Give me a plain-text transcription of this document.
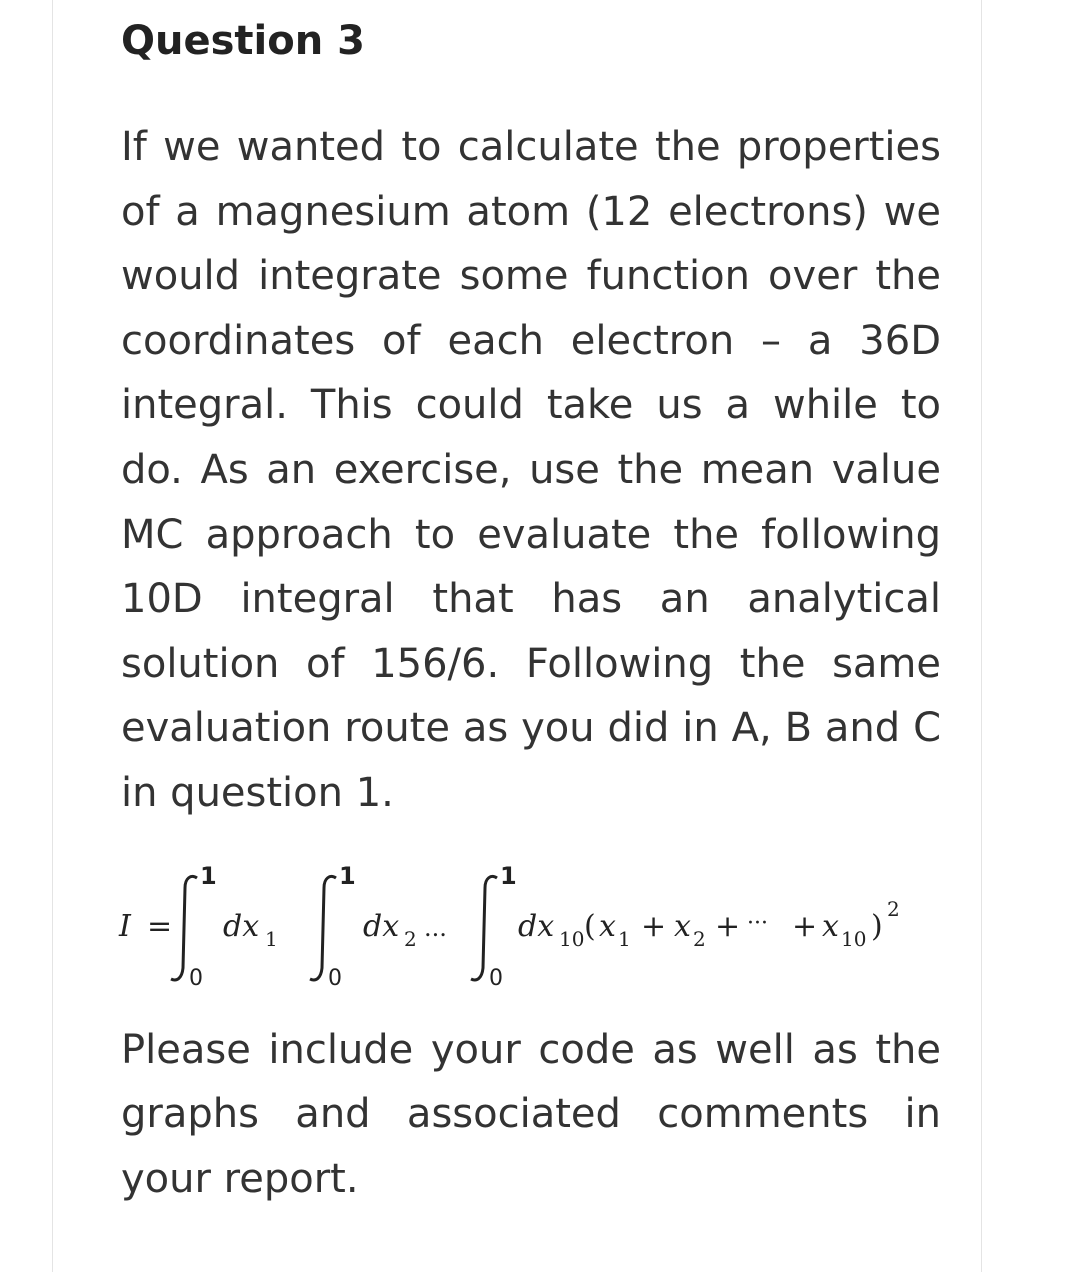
Question 3

If we wanted to calculate the properties of a magnesium atom (12 electrons) we would integrate some function over the coordinates of each electron – a 36D integral. This could take us a while to do. As an exercise, use the mean value MC approach to evaluate the following 10D integral that has an analytical solution of 156/6. Following the same evaluation route as you did in A, B and C in question 1.

I =
1
0
dx 1
1
0
dx 2 ...
1
0
dx 10 ( x 1 + x 2 + ··· + x 10 ) 2

Please include your code as well as the graphs and associated comments in your report.
